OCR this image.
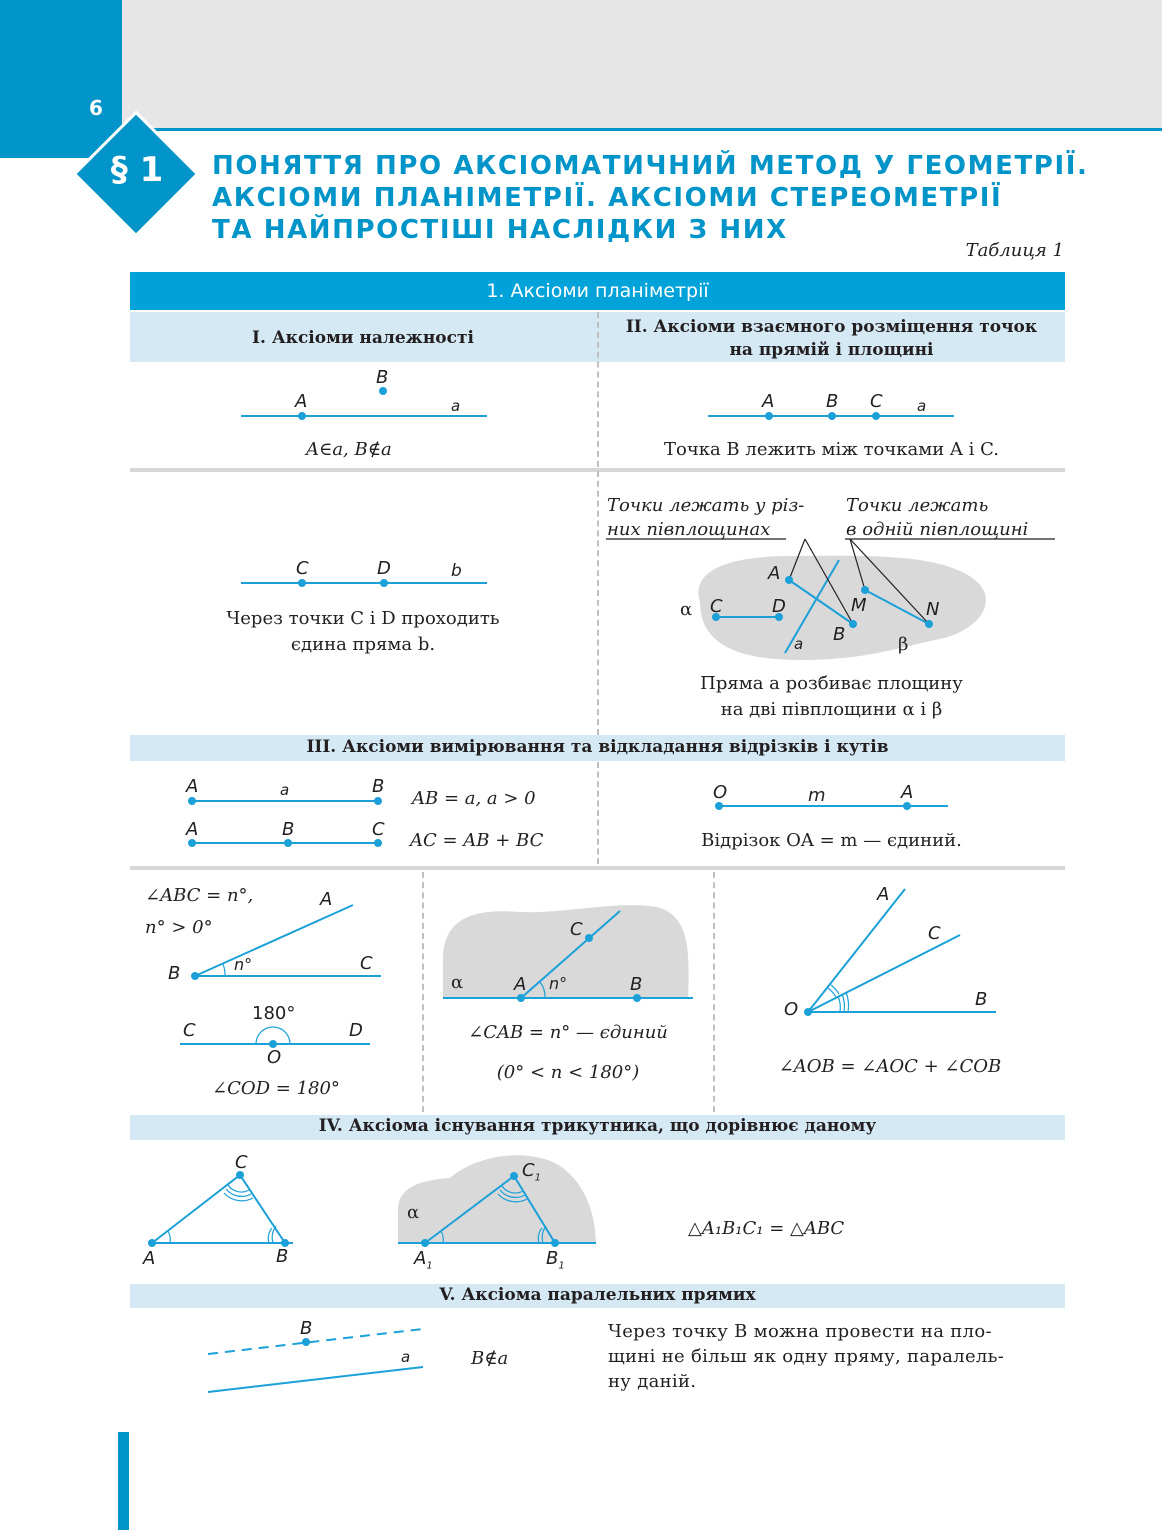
6
§ 1	ПОНЯТТЯ ПРО АКСІОМАТИЧНИЙ МЕТОД У ГЕОМЕТРІЇ.
АКСІОМИ ПЛАНІМЕТРІЇ. АКСІОМИ СТЕРЕОМЕТРІЇ
ТА НАЙПРОСТІШІ НАСЛІДКИ З НИХ
Таблиця 1
1. Аксіоми планіметрії
I. Аксіоми належності
II. Аксіоми взаємного розміщення точок
на прямій і площині
III. Аксіоми вимірювання та відкладання відрізків і кутів
IV. Аксіома існування трикутника, що дорівнює даному
V. Аксіома паралельних прямих
A
B
a
A∈a, B∉a
A	B C a
Точка B лежить між точками A і C.
C	D	b
Через точки C і D проходить
єдина пряма b.
Точки лежать у різ-
них півплощинах
Точки лежать
в одній півплощині
A
B
C	D	M	N
a
α
β
Пряма a розбиває площину
на дві півплощини α і β
A	B
a	AB = a, a > 0
A	B	C
AC = AB + BC
O	A
m
Відрізок OA = m — єдиний.
∠ABC = n°,
n° > 0°
A
B	C
n°
C
O
D
180°
∠COD = 180°
α
C
A	B
n°
∠CAB = n° — єдиний
(0° < n < 180°)
A
C
O	B
∠AOB = ∠AOC + ∠COB
A	B
C
α
$A_1$	$B_1$
$C_1$
△A₁B₁C₁ = △ABC
B
a	B∉a
Через точку B можна провести на пло-
щині не більш як одну пряму, паралель-
ну даній.
